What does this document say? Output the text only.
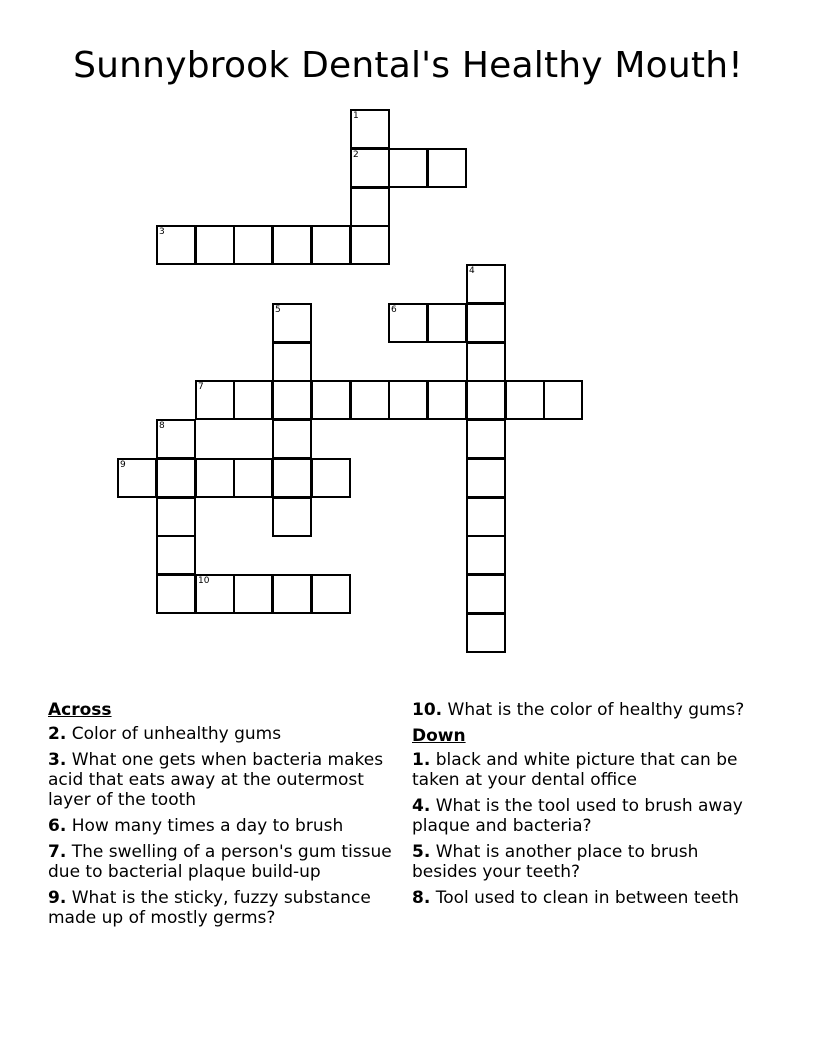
Sunnybrook Dental's Healthy Mouth!
1
2
3
4
5	6
7
8
9
10
Across
2. Color of unhealthy gums
3. What one gets when bacteria makes acid that eats away at the outermost layer of the tooth
6. How many times a day to brush
7. The swelling of a person's gum tissue due to bacterial plaque build-up
9. What is the sticky, fuzzy substance made up of mostly germs?
10. What is the color of healthy gums?
Down
1. black and white picture that can be taken at your dental office
4. What is the tool used to brush away plaque and bacteria?
5. What is another place to brush besides your teeth?
8. Tool used to clean in between teeth
